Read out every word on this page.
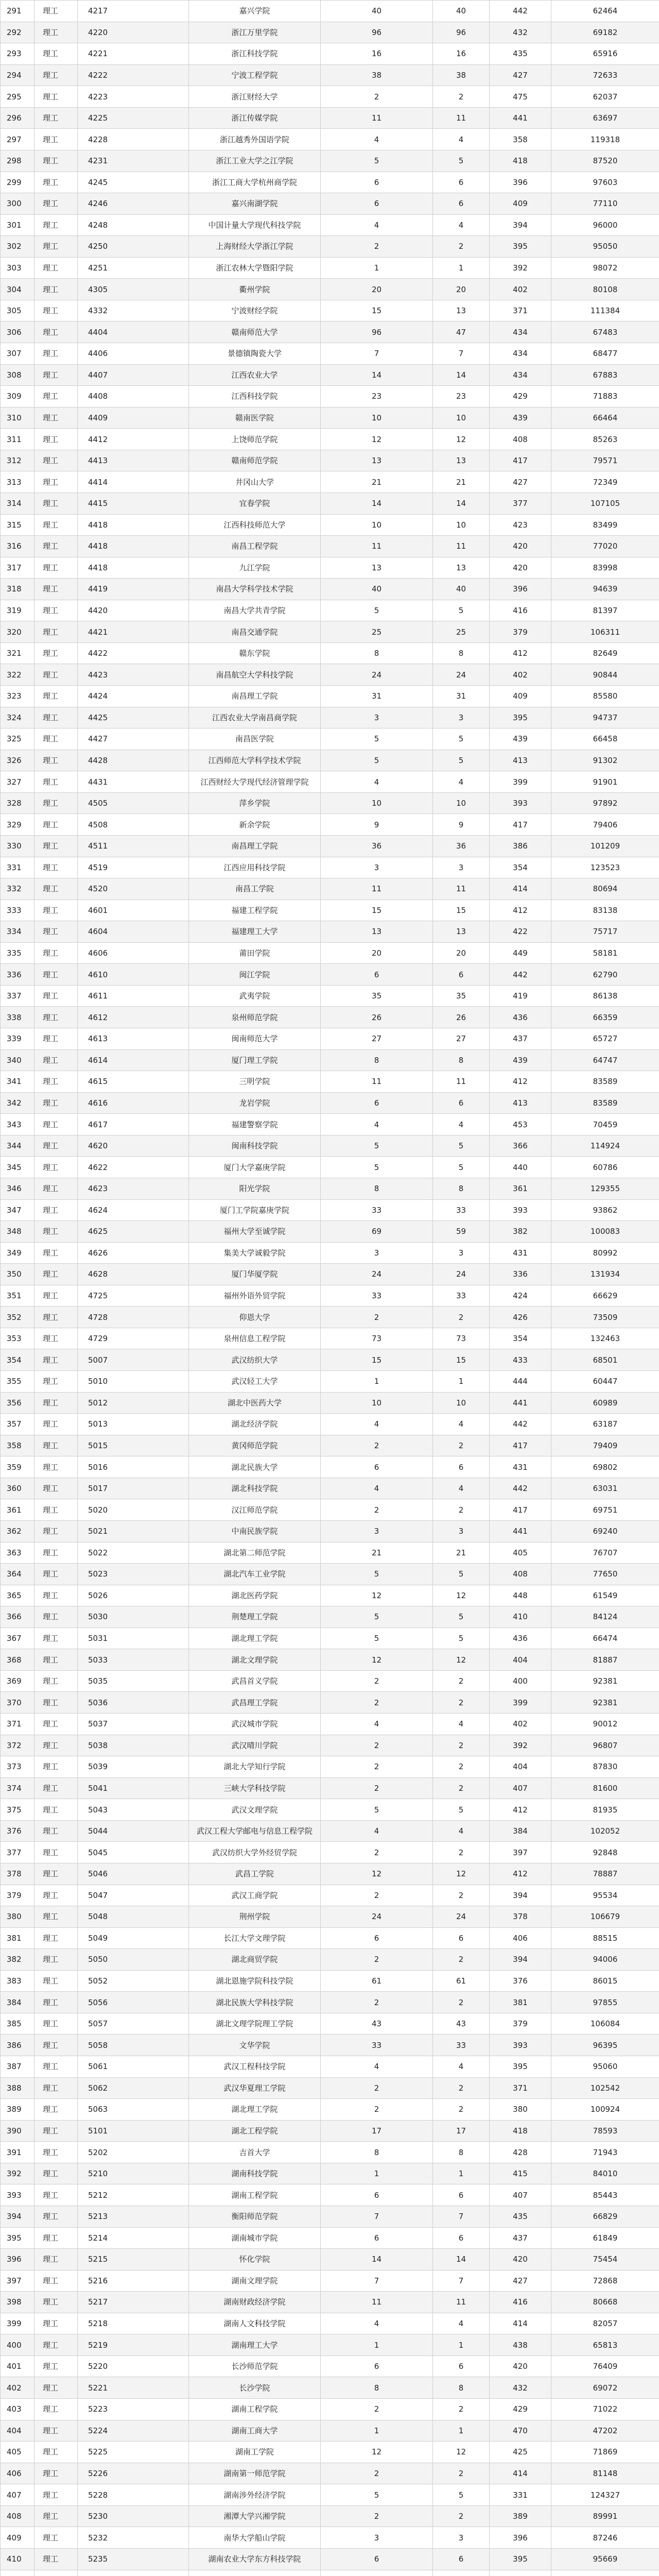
291	理工	4217	嘉兴学院	40	40	442	62464
292	理工	4220	浙江万里学院	96	96	432	69182
293	理工	4221	浙江科技学院	16	16	435	65916
294	理工	4222	宁波工程学院	38	38	427	72633
295	理工	4223	浙江财经大学	2	2	475	62037
296	理工	4225	浙江传媒学院	11	11	441	63697
297	理工	4228	浙江越秀外国语学院	4	4	358	119318
298	理工	4231	浙江工业大学之江学院	5	5	418	87520
299	理工	4245	浙江工商大学杭州商学院	6	6	396	97603
300	理工	4246	嘉兴南湖学院	6	6	409	77110
301	理工	4248	中国计量大学现代科技学院	4	4	394	96000
302	理工	4250	上海财经大学浙江学院	2	2	395	95050
303	理工	4251	浙江农林大学暨阳学院	1	1	392	98072
304	理工	4305	衢州学院	20	20	402	80108
305	理工	4332	宁波财经学院	15	13	371	111384
306	理工	4404	赣南师范大学	96	47	434	67483
307	理工	4406	景德镇陶瓷大学	7	7	434	68477
308	理工	4407	江西农业大学	14	14	434	67883
309	理工	4408	江西科技学院	23	23	429	71883
310	理工	4409	赣南医学院	10	10	439	66464
311	理工	4412	上饶师范学院	12	12	408	85263
312	理工	4413	赣南师范学院	13	13	417	79571
313	理工	4414	井冈山大学	21	21	427	72349
314	理工	4415	宜春学院	14	14	377	107105
315	理工	4418	江西科技师范大学	10	10	423	83499
316	理工	4418	南昌工程学院	11	11	420	77020
317	理工	4418	九江学院	13	13	420	83998
318	理工	4419	南昌大学科学技术学院	40	40	396	94639
319	理工	4420	南昌大学共青学院	5	5	416	81397
320	理工	4421	南昌交通学院	25	25	379	106311
321	理工	4422	赣东学院	8	8	412	82649
322	理工	4423	南昌航空大学科技学院	24	24	402	90844
323	理工	4424	南昌理工学院	31	31	409	85580
324	理工	4425	江西农业大学南昌商学院	3	3	395	94737
325	理工	4427	南昌医学院	5	5	439	66458
326	理工	4428	江西师范大学科学技术学院	5	5	413	91302
327	理工	4431	江西财经大学现代经济管理学院	4	4	399	91901
328	理工	4505	萍乡学院	10	10	393	97892
329	理工	4508	新余学院	9	9	417	79406
330	理工	4511	南昌理工学院	36	36	386	101209
331	理工	4519	江西应用科技学院	3	3	354	123523
332	理工	4520	南昌工学院	11	11	414	80694
333	理工	4601	福建工程学院	15	15	412	83138
334	理工	4604	福建理工大学	13	13	422	75717
335	理工	4606	莆田学院	20	20	449	58181
336	理工	4610	闽江学院	6	6	442	62790
337	理工	4611	武夷学院	35	35	419	86138
338	理工	4612	泉州师范学院	26	26	436	66359
339	理工	4613	闽南师范大学	27	27	437	65727
340	理工	4614	厦门理工学院	8	8	439	64747
341	理工	4615	三明学院	11	11	412	83589
342	理工	4616	龙岩学院	6	6	413	83589
343	理工	4617	福建警察学院	4	4	453	70459
344	理工	4620	闽南科技学院	5	5	366	114924
345	理工	4622	厦门大学嘉庚学院	5	5	440	60786
346	理工	4623	阳光学院	8	8	361	129355
347	理工	4624	厦门工学院嘉庚学院	33	33	393	93862
348	理工	4625	福州大学至诚学院	69	59	382	100083
349	理工	4626	集美大学诚毅学院	3	3	431	80992
350	理工	4628	厦门华厦学院	24	24	336	131934
351	理工	4725	福州外语外贸学院	33	33	424	66629
352	理工	4728	仰恩大学	2	2	426	73509
353	理工	4729	泉州信息工程学院	73	73	354	132463
354	理工	5007	武汉纺织大学	15	15	433	68501
355	理工	5010	武汉轻工大学	1	1	444	60447
356	理工	5012	湖北中医药大学	10	10	441	60989
357	理工	5013	湖北经济学院	4	4	442	63187
358	理工	5015	黄冈师范学院	2	2	417	79409
359	理工	5016	湖北民族大学	6	6	431	69802
360	理工	5017	湖北科技学院	4	4	442	63031
361	理工	5020	汉江师范学院	2	2	417	69751
362	理工	5021	中南民族学院	3	3	441	69240
363	理工	5022	湖北第二师范学院	21	21	405	76707
364	理工	5023	湖北汽车工业学院	5	5	408	77650
365	理工	5026	湖北医药学院	12	12	448	61549
366	理工	5030	荆楚理工学院	5	5	410	84124
367	理工	5031	湖北理工学院	5	5	436	66474
368	理工	5033	湖北文理学院	12	12	404	81887
369	理工	5035	武昌首义学院	2	2	400	92381
370	理工	5036	武昌理工学院	2	2	399	92381
371	理工	5037	武汉城市学院	4	4	402	90012
372	理工	5038	武汉晴川学院	2	2	392	96807
373	理工	5039	湖北大学知行学院	2	2	404	87830
374	理工	5041	三峡大学科技学院	2	2	407	81600
375	理工	5043	武汉文理学院	5	5	412	81935
376	理工	5044	武汉工程大学邮电与信息工程学院	4	4	384	102052
377	理工	5045	武汉纺织大学外经贸学院	2	2	397	92848
378	理工	5046	武昌工学院	12	12	412	78887
379	理工	5047	武汉工商学院	2	2	394	95534
380	理工	5048	荆州学院	24	24	378	106679
381	理工	5049	长江大学文理学院	6	6	406	88515
382	理工	5050	湖北商贸学院	2	2	394	94006
383	理工	5052	湖北恩施学院科技学院	61	61	376	86015
384	理工	5056	湖北民族大学科技学院	2	2	381	97855
385	理工	5057	湖北文理学院理工学院	43	43	379	106084
386	理工	5058	文华学院	33	33	393	96395
387	理工	5061	武汉工程科技学院	4	4	395	95060
388	理工	5062	武汉华夏理工学院	2	2	371	102542
389	理工	5063	湖北理工学院	2	2	380	100924
390	理工	5101	湖北工程学院	17	17	418	78593
391	理工	5202	吉首大学	8	8	428	71943
392	理工	5210	湖南科技学院	1	1	415	84010
393	理工	5212	湖南工程学院	6	6	407	85443
394	理工	5213	衡阳师范学院	7	7	435	66829
395	理工	5214	湖南城市学院	6	6	437	61849
396	理工	5215	怀化学院	14	14	420	75454
397	理工	5216	湖南文理学院	7	7	427	72868
398	理工	5217	湖南财政经济学院	11	11	416	80668
399	理工	5218	湖南人文科技学院	4	4	414	82057
400	理工	5219	湖南理工大学	1	1	438	65813
401	理工	5220	长沙师范学院	6	6	420	76409
402	理工	5221	长沙学院	8	8	432	69072
403	理工	5223	湖南工程学院	2	2	429	71022
404	理工	5224	湖南工商大学	1	1	470	47202
405	理工	5225	湖南工学院	12	12	425	71869
406	理工	5226	湖南第一师范学院	2	2	414	81148
407	理工	5228	湖南涉外经济学院	5	5	331	124327
408	理工	5230	湘潭大学兴湘学院	2	2	389	89991
409	理工	5232	南华大学船山学院	3	3	396	87246
410	理工	5235	湖南农业大学东方科技学院	6	6	395	95669
